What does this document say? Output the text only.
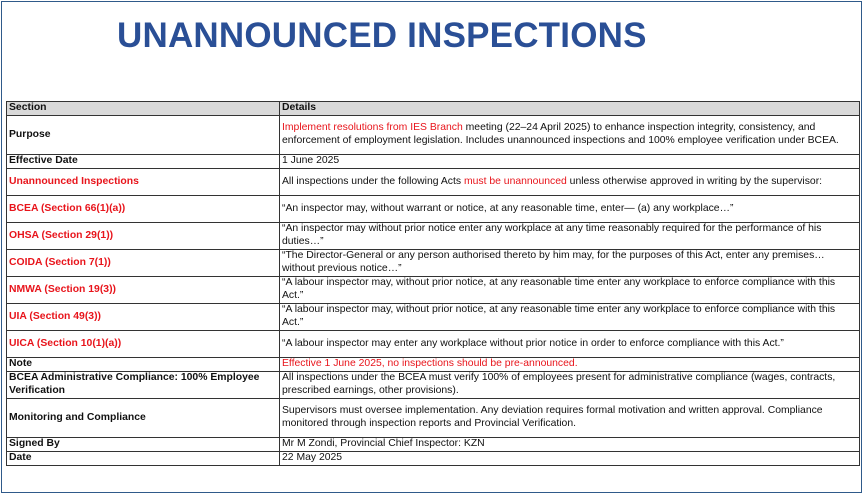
UNANNOUNCED INSPECTIONS
Section	Details
Purpose	Implement resolutions from IES Branch meeting (22–24 April 2025) to enhance inspection integrity, consistency, and enforcement of employment legislation. Includes unannounced inspections and 100% employee verification under BCEA.
Effective Date	1 June 2025
Unannounced Inspections	All inspections under the following Acts must be unannounced unless otherwise approved in writing by the supervisor:
BCEA (Section 66(1)(a))	“An inspector may, without warrant or notice, at any reasonable time, enter— (a) any workplace…”
OHSA (Section 29(1))	“An inspector may without prior notice enter any workplace at any time reasonably required for the performance of his duties…”
COIDA (Section 7(1))	“The Director-General or any person authorised thereto by him may, for the purposes of this Act, enter any premises… without previous notice…”
NMWA (Section 19(3))	“A labour inspector may, without prior notice, at any reasonable time enter any workplace to enforce compliance with this Act.”
UIA (Section 49(3))	“A labour inspector may, without prior notice, at any reasonable time enter any workplace to enforce compliance with this Act.”
UICA (Section 10(1)(a))	“A labour inspector may enter any workplace without prior notice in order to enforce compliance with this Act.”
Note	Effective 1 June 2025, no inspections should be pre-announced.
BCEA Administrative Compliance: 100% Employee Verification	All inspections under the BCEA must verify 100% of employees present for administrative compliance (wages, contracts, prescribed earnings, other provisions).
Monitoring and Compliance	Supervisors must oversee implementation. Any deviation requires formal motivation and written approval. Compliance monitored through inspection reports and Provincial Verification.
Signed By	Mr M Zondi, Provincial Chief Inspector: KZN
Date	22 May 2025
